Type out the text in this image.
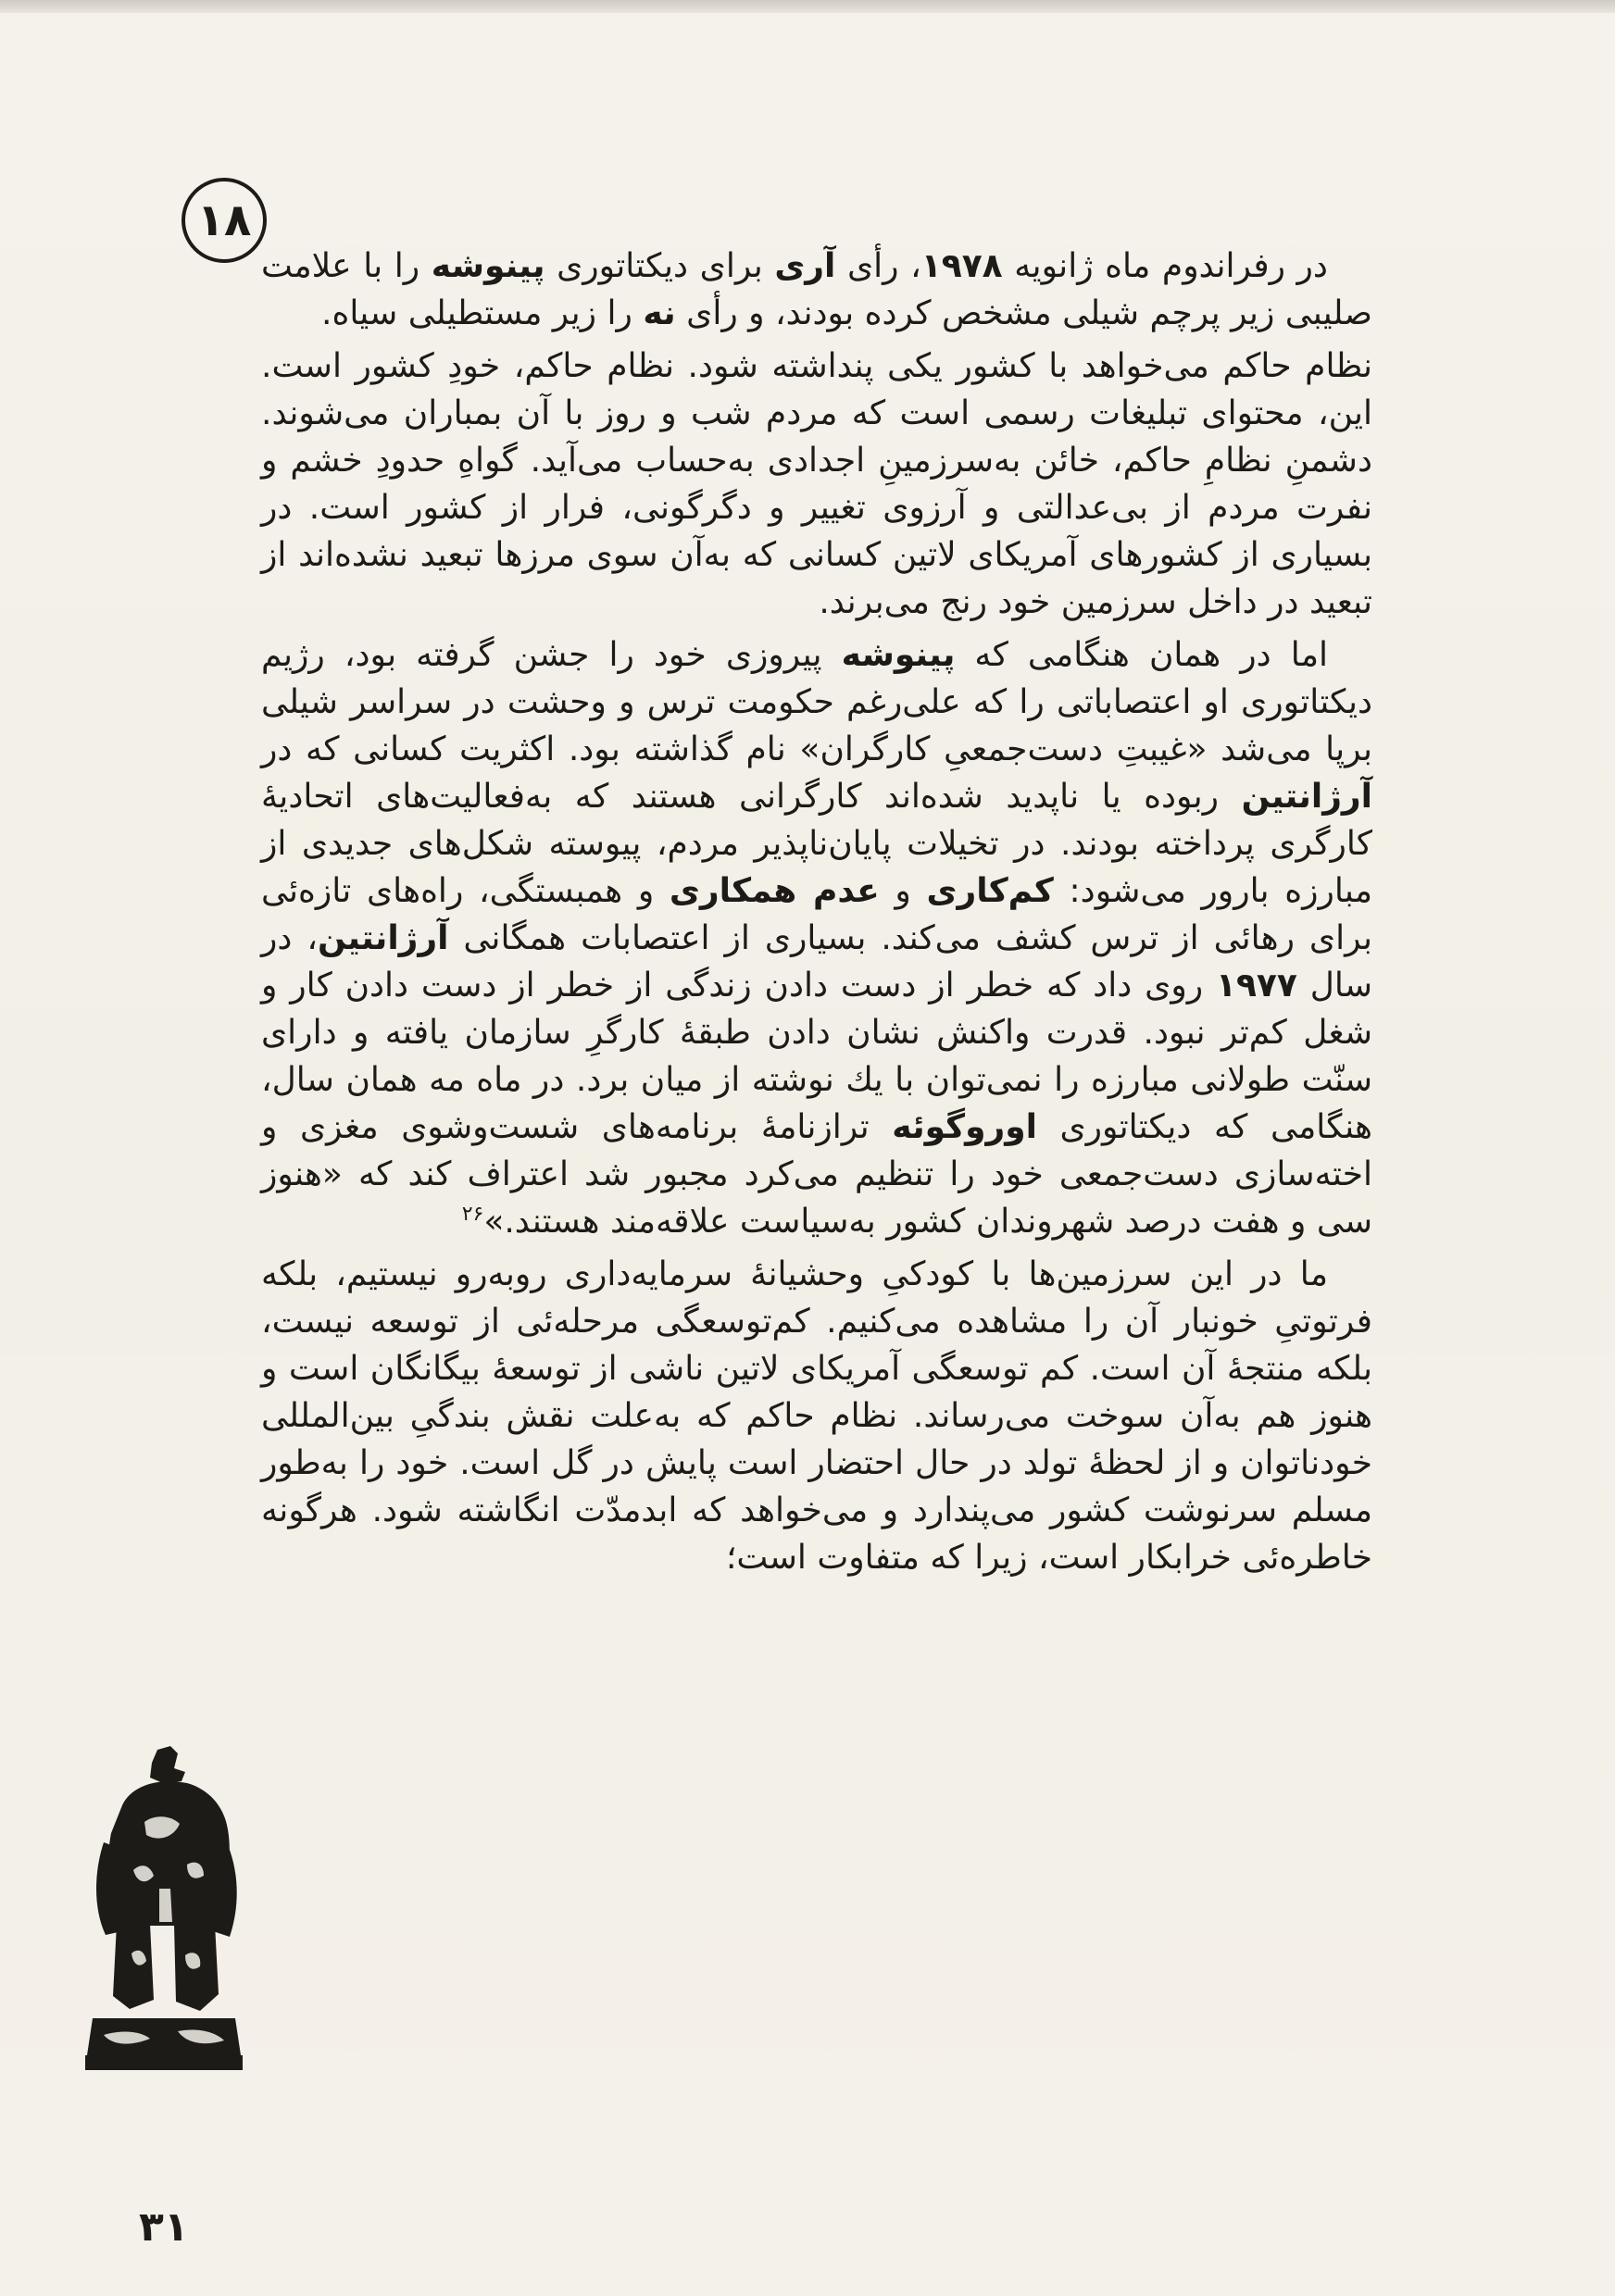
۱۸

در رفراندوم ماه ژانویه ۱۹۷۸، رأی آری برای دیکتاتوری پینوشه را با علامت صلیبی زیر پرچم شیلی مشخص کرده بودند، و رأی نه را زیر مستطیلی سیاه.

نظام حاکم می‌خواهد با کشور یکی پنداشته شود. نظام حاکم، خودِ کشور است. این، محتوای تبلیغات رسمی است که مردم شب و روز با آن بمباران می‌شوند. دشمنِ نظامِ حاکم، خائن به‌سرزمینِ اجدادی به‌حساب می‌آید. گواهِ حدودِ خشم و نفرت مردم از بی‌عدالتی و آرزوی تغییر و دگرگونی، فرار از کشور است. در بسیاری از کشورهای آمریکای لاتین کسانی که به‌آن سوی مرزها تبعید نشده‌اند از تبعید در داخل سرزمین خود رنج می‌برند.

اما در همان هنگامی که پینوشه پیروزی خود را جشن گرفته بود، رژیم دیکتاتوری او اعتصاباتی را که علی‌رغم حکومت ترس و وحشت در سراسر شیلی برپا می‌شد «غیبتِ دست‌جمعیِ کارگران» نام گذاشته بود. اکثریت کسانی که در آرژانتین ربوده یا ناپدید شده‌اند کارگرانی هستند که به‌فعالیت‌های اتحادیهٔ کارگری پرداخته بودند. در تخیلات پایان‌ناپذیر مردم، پیوسته شکل‌های جدیدی از مبارزه بارور می‌شود: کم‌کاری و عدم همکاری و همبستگی، راه‌های تازه‌ئی برای رهائی از ترس کشف می‌کند. بسیاری از اعتصابات همگانی آرژانتین، در سال ۱۹۷۷ روی داد که خطر از دست دادن زندگی از خطر از دست دادن کار و شغل کم‌تر نبود. قدرت واکنش نشان دادن طبقهٔ کارگرِ سازمان یافته و دارای سنّت طولانی مبارزه را نمی‌توان با یك نوشته از میان برد. در ماه مه همان سال، هنگامی که دیکتاتوری اوروگوئه ترازنامهٔ برنامه‌های شست‌وشوی مغزی و اخته‌سازی دست‌جمعی خود را تنظیم می‌کرد مجبور شد اعتراف کند که «هنوز سی و هفت درصد شهروندان کشور به‌سیاست علاقه‌مند هستند.»$^{۲۶}$

ما در این سرزمین‌ها با کودکیِ وحشیانهٔ سرمایه‌داری روبه‌رو نیستیم، بلکه فرتوتیِ خونبار آن را مشاهده می‌کنیم. کم‌توسعگی مرحله‌ئی از توسعه نیست، بلکه منتجهٔ آن است. کم توسعگی آمریکای لاتین ناشی از توسعهٔ بیگانگان است و هنوز هم به‌آن سوخت می‌رساند. نظام حاکم که به‌علت نقش بندگیِ بین‌المللی خودناتوان و از لحظهٔ تولد در حال احتضار است پایش در گل است. خود را به‌طور مسلم سرنوشت کشور می‌پندارد و می‌خواهد که ابدمدّت انگاشته شود. هرگونه خاطره‌ئی خرابکار است، زیرا که متفاوت است؛

۳۱
